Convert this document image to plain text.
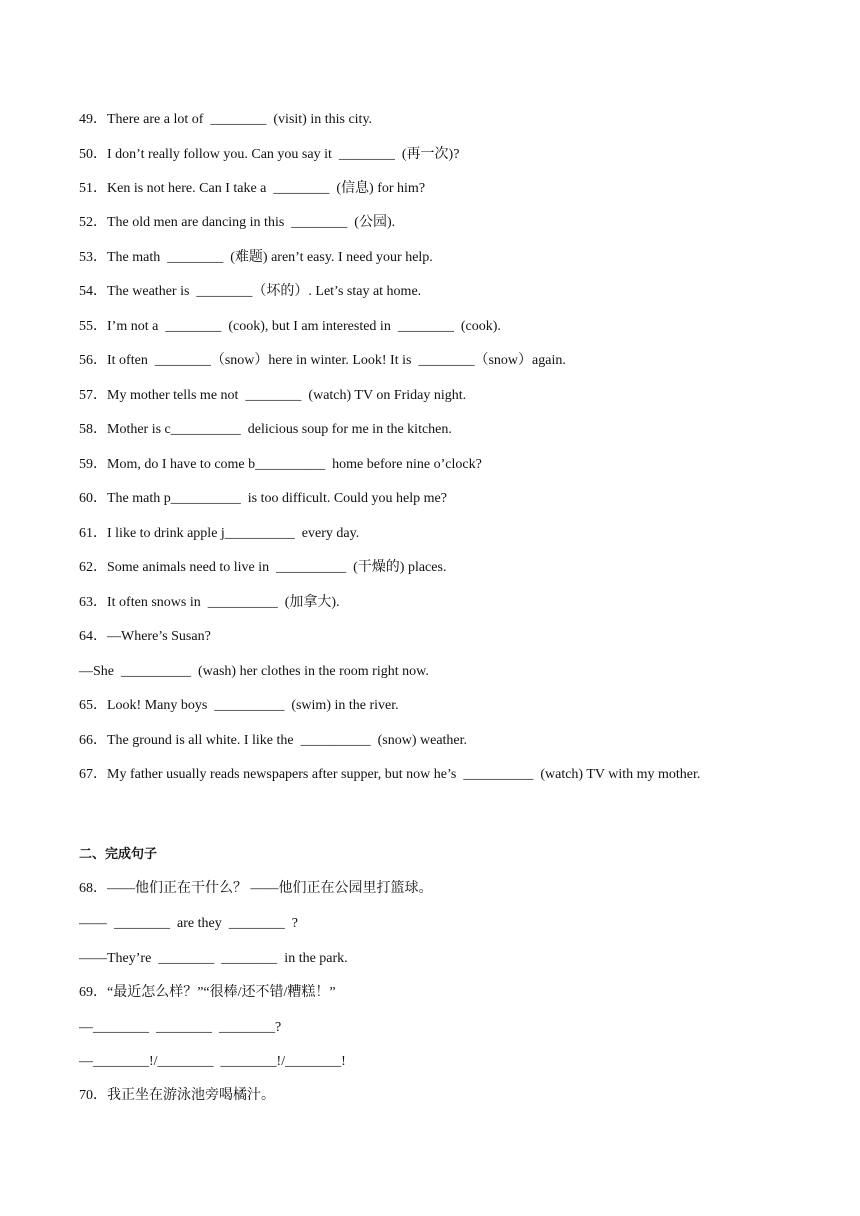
49．There are a lot of  ________  (visit) in this city.
50．I don’t really follow you. Can you say it  ________  (再一次)?
51．Ken is not here. Can I take a  ________  (信息) for him?
52．The old men are dancing in this  ________  (公园).
53．The math  ________  (难题) aren’t easy. I need your help.
54．The weather is  ________（坏的）. Let’s stay at home.
55．I’m not a  ________  (cook), but I am interested in  ________  (cook).
56．It often  ________（snow）here in winter. Look! It is  ________（snow）again.
57．My mother tells me not  ________  (watch) TV on Friday night.
58．Mother is c__________  delicious soup for me in the kitchen.
59．Mom, do I have to come b__________  home before nine o’clock?
60．The math p__________  is too difficult. Could you help me?
61．I like to drink apple j__________  every day.
62．Some animals need to live in  __________  (干燥的) places.
63．It often snows in  __________  (加拿大).
64．—Where’s Susan?
—She  __________  (wash) her clothes in the room right now.
65．Look! Many boys  __________  (swim) in the river.
66．The ground is all white. I like the  __________  (snow) weather.
67．My father usually reads newspapers after supper, but now he’s  __________  (watch) TV with my mother.
二、完成句子
68．——他们正在干什么？ ——他们正在公园里打篮球。
——  ________  are they  ________  ?
——They’re  ________  ________  in the park.
69．“最近怎么样？”“很棒/还不错/糟糕！”
—________  ________  ________?
—________!/________  ________!/________!
70．我正坐在游泳池旁喝橘汁。
